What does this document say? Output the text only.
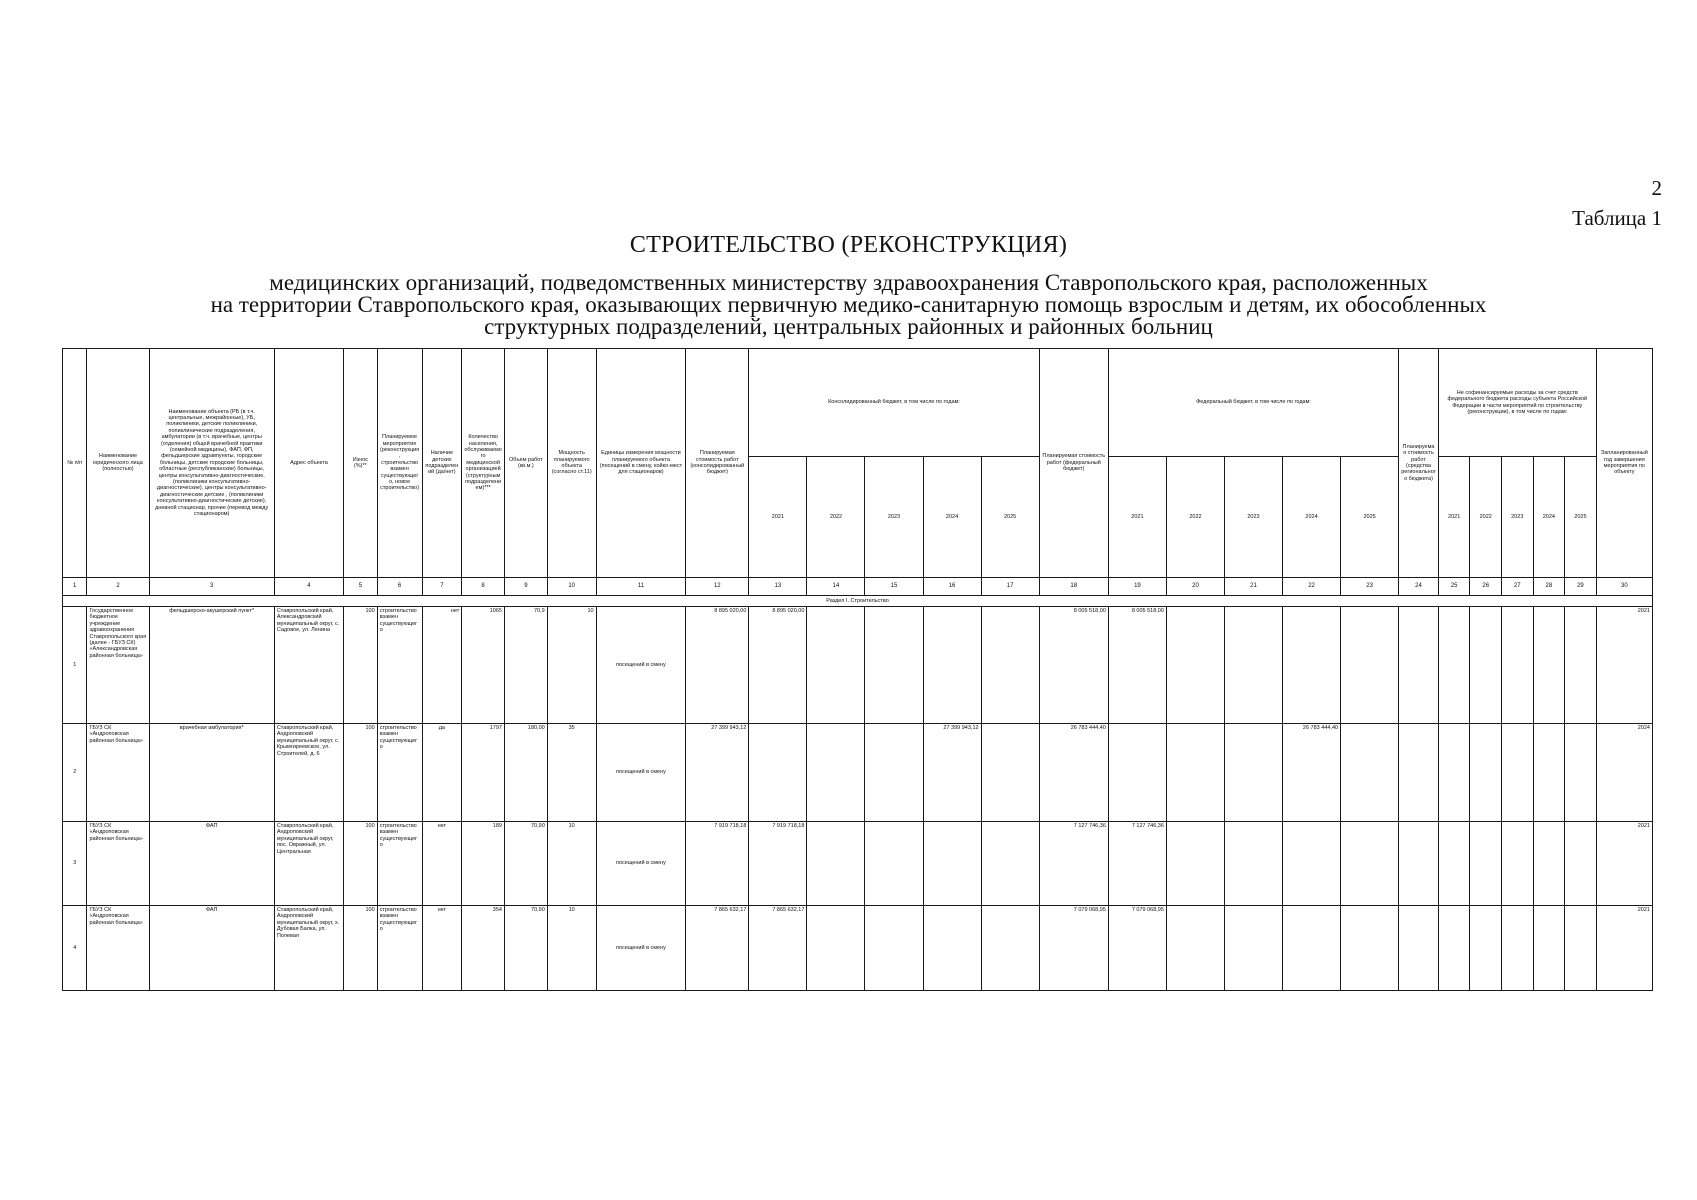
2
Таблица 1
СТРОИТЕЛЬСТВО (РЕКОНСТРУКЦИЯ)
медицинских организаций, подведомственных министерству здравоохранения Ставропольского края, расположенных
на территории Ставропольского края, оказывающих первичную медико-санитарную помощь взрослым и детям, их обособленных
структурных подразделений, центральных районных и районных больниц
№ п/п	Наименование юридического лица (полностью)	Наименование объекта (РБ (в т.ч. центральные, межрайонные), УБ, поликлиники, детские поликлиники, поликлинические подразделения, амбулатории (в т.ч. врачебные, центры (отделения) общей врачебной практики (семейной медицины), ФАП, ФП, фельдшерские здравпункты, городские больницы, детские городские больницы, областные (республиканские) больницы, центры консультативно-диагностические, (поликлиники консультативно-диагностические), центры консультативно-диагностические детские , (поликлиники консультативно-диагностические детские), дневной стационар, прочие (перевод между стационаром)	Адрес объекта	Износ (%)**	Планируемое мероприятие (реконструкция, строительство взамен существующего, новое строительство)	Наличие детских подразделений (да/нет)	Количество населения, обслуживаемого медицинской организацией (структурным подразделением)***	Объем работ (кв.м.)	Мощность планируемого объекта (согласно ст.11)	Единицы измерения мощности планируемого объекта (посещений в смену, койко-мест для стационаров)	Планируемая стоимость работ (консолидированный бюджет)	Консолидированный бюджет, в том числе по годам:					Планируемая стоимость работ (федеральный бюджет)	Федеральный бюджет, в том числе по годам:					Планируемая стоимость работ (средства регионального бюджета)	Не софинансируемые расходы за счет средств федерального бюджета расходы субъекта Российской Федерации в части мероприятий по строительству (реконструкции), в том числе по годам:					Запланированный год завершения мероприятия по объекту
												2021	2022	2023	2024	2025		2021	2022	2023	2024	2025		2021	2022	2023	2024	2025	
1	2	3	4	5	6	7	8	9	10	11	12	13	14	15	16	17	18	19	20	21	22	23	24	25	26	27	28	29	30
Раздел I. Строительство																													
1	Государственное бюджетное учреждение здравоохранения Ставропольского края (далее - ГБУЗ СК) «Александровская районная больница»	фельдшерско-акушерский пункт*	Ставропольский край, Александровский муниципальный округ, с. Садовое, ул. Ленина	100	строительство взамен существующего	нет	1065	70,9	10	посещений в смену	8 895 020,00	8 895 020,00					8 005 518,00	8 005 518,00											2021
2	ГБУЗ СК «Андроповская районная больница»	врачебная амбулатория*	Ставропольский край, Андроповский муниципальный округ, с. Крымгиреевское, ул. Строителей, д. 6	100	строительство взамен существующего	да	1797	180,00	35	посещений в смену	27 399 943,12				27 399 943,12		26 783 444,40				26 783 444,40								2024
3	ГБУЗ СК «Андроповская районная больница»	ФАП	Ставропольский край, Андроповский муниципальный округ, пос. Овражный, ул. Центральная	100	строительство взамен существующего	нет	189	70,90	10	посещений в смену	7 919 718,18	7 919 718,18					7 127 746,36	7 127 746,36											2021
4	ГБУЗ СК «Андроповская районная больница»	ФАП	Ставропольский край, Андроповский муниципальный округ, х. Дубовая Балка, ул. Полевая	100	строительство взамен существующего	нет	354	70,90	10	посещений в смену	7 865 632,17	7 865 632,17					7 079 068,95	7 079 068,95											2021
